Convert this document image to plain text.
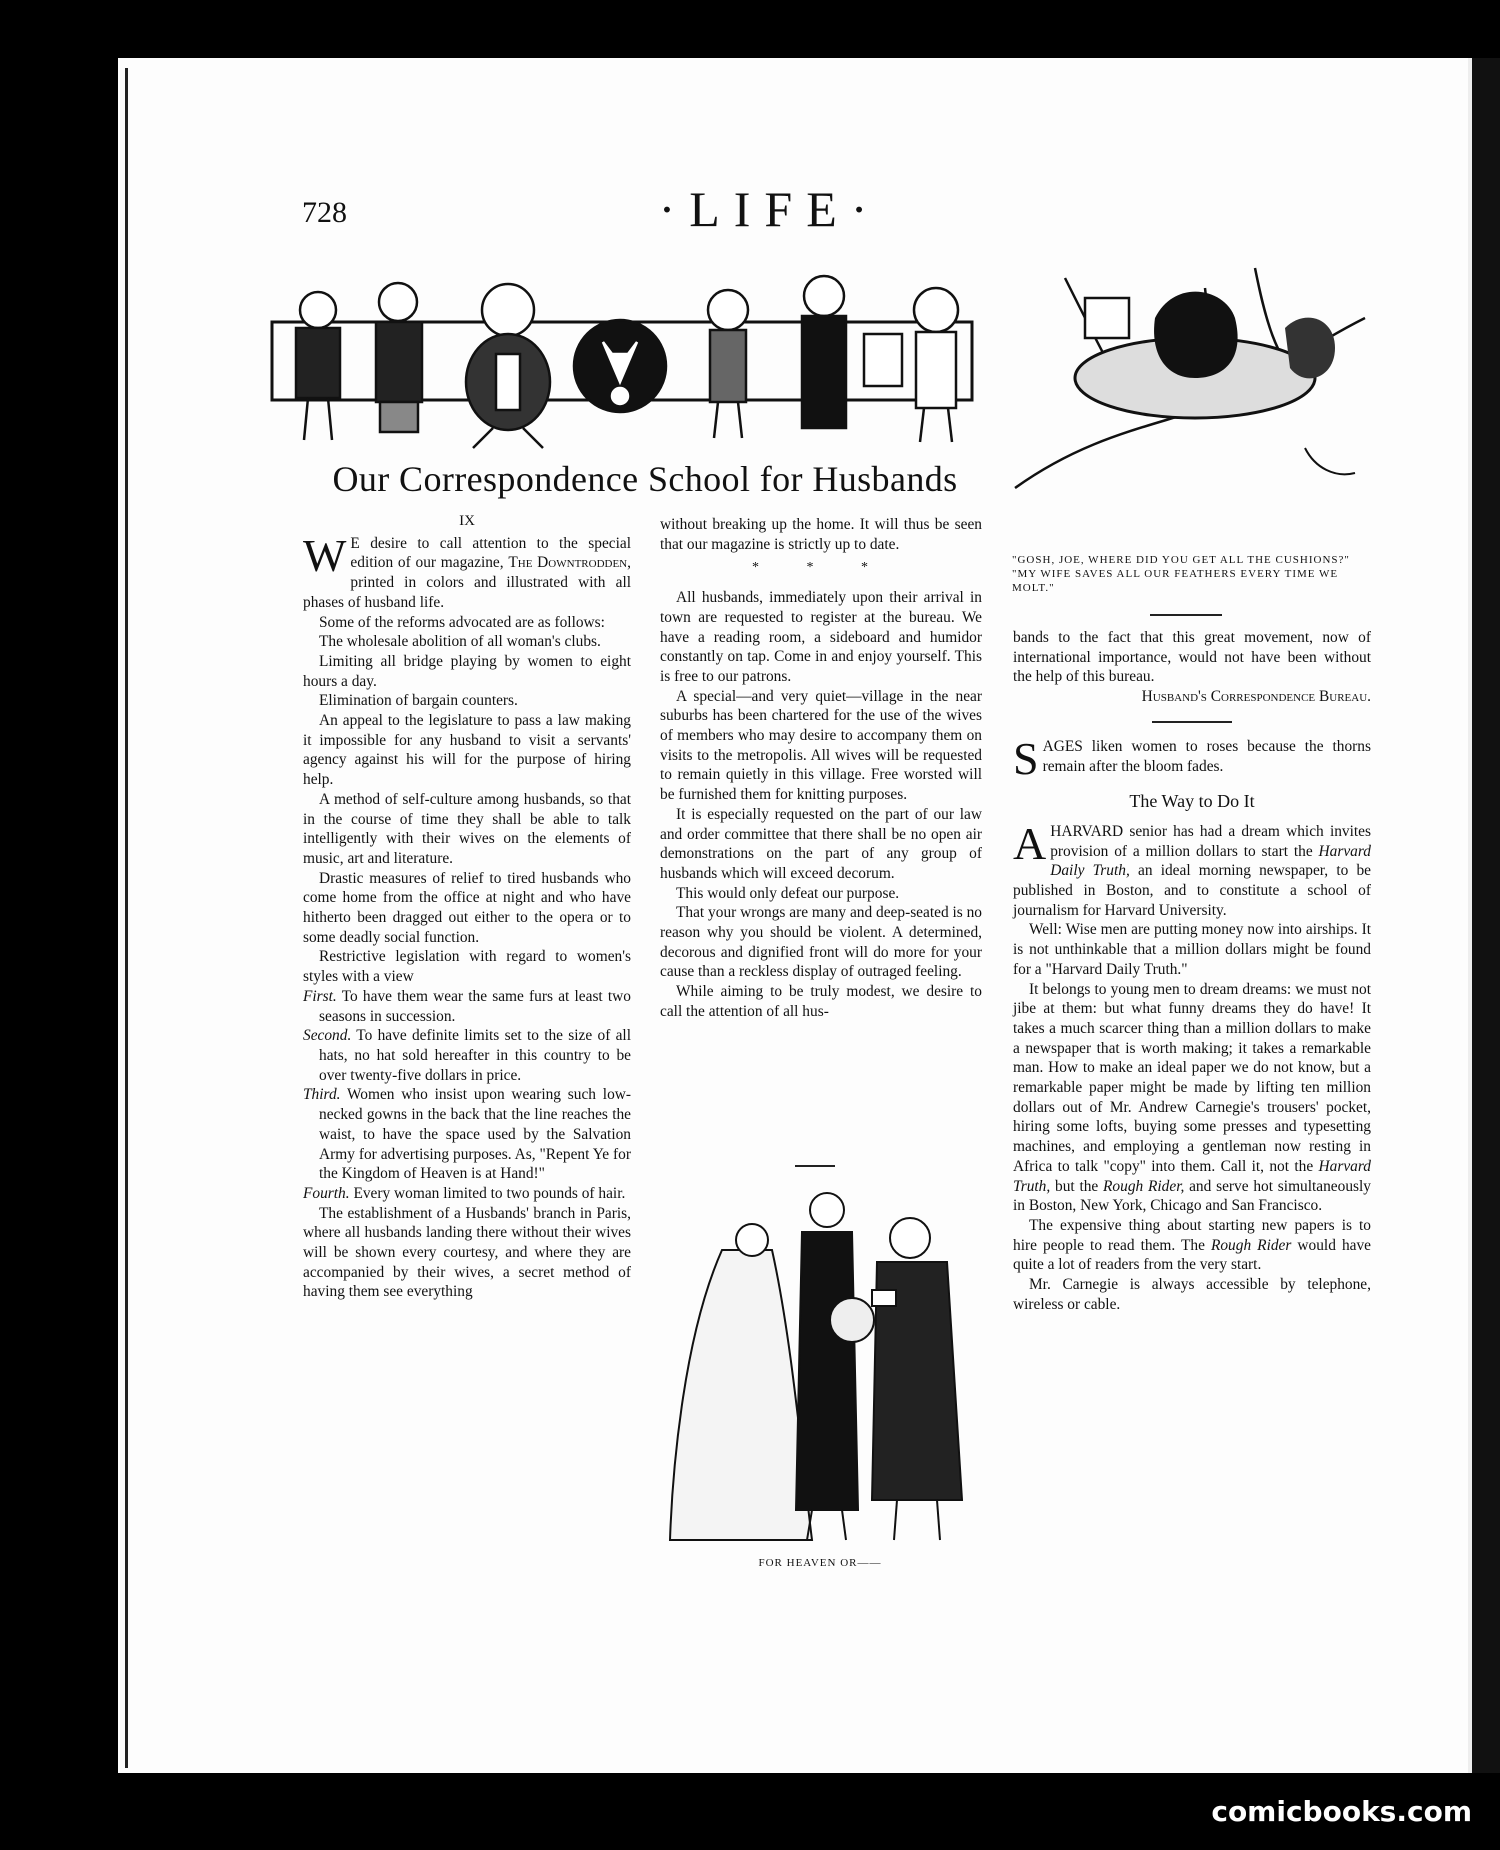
728	·LIFE·
Our Correspondence School for Husbands
IX

W E desire to call attention to the special edition of our magazine, The Downtrodden, printed in colors and illustrated with all phases of husband life.

Some of the reforms advocated are as follows:

The wholesale abolition of all woman's clubs.

Limiting all bridge playing by women to eight hours a day.

Elimination of bargain counters.

An appeal to the legislature to pass a law making it impossible for any husband to visit a servants' agency against his will for the purpose of hiring help.

A method of self-culture among husbands, so that in the course of time they shall be able to talk intelligently with their wives on the elements of music, art and literature.

Drastic measures of relief to tired husbands who come home from the office at night and who have hitherto been dragged out either to the opera or to some deadly social function.

Restrictive legislation with regard to women's styles with a view

First. To have them wear the same furs at least two seasons in succession.

Second. To have definite limits set to the size of all hats, no hat sold hereafter in this country to be over twenty-five dollars in price.

Third. Women who insist upon wearing such low-necked gowns in the back that the line reaches the waist, to have the space used by the Salvation Army for advertising purposes. As, "Repent Ye for the Kingdom of Heaven is at Hand!"

Fourth. Every woman limited to two pounds of hair.

The establishment of a Husbands' branch in Paris, where all husbands landing there without their wives will be shown every courtesy, and where they are accompanied by their wives, a secret method of having them see everything

without breaking up the home. It will thus be seen that our magazine is strictly up to date.

* * *

All husbands, immediately upon their arrival in town are requested to register at the bureau. We have a reading room, a sideboard and humidor constantly on tap. Come in and enjoy yourself. This is free to our patrons.

A special—and very quiet—village in the near suburbs has been chartered for the use of the wives of members who may desire to accompany them on visits to the metropolis. All wives will be requested to remain quietly in this village. Free worsted will be furnished them for knitting purposes.

It is especially requested on the part of our law and order committee that there shall be no open air demonstrations on the part of any group of husbands which will exceed decorum.

This would only defeat our purpose.

That your wrongs are many and deep-seated is no reason why you should be violent. A determined, decorous and dignified front will do more for your cause than a reckless display of outraged feeling.

While aiming to be truly modest, we desire to call the attention of all hus-

FOR HEAVEN OR——
"GOSH, JOE, WHERE DID YOU GET ALL THE CUSHIONS?"
"MY WIFE SAVES ALL OUR FEATHERS EVERY TIME WE MOLT."

bands to the fact that this great movement, now of international importance, would not have been without the help of this bureau.

Husband's Correspondence Bureau.

SAGES liken women to roses because the thorns remain after the bloom fades.

The Way to Do It

A HARVARD senior has had a dream which invites provision of a million dollars to start the Harvard Daily Truth, an ideal morning newspaper, to be published in Boston, and to constitute a school of journalism for Harvard University.

Well: Wise men are putting money now into airships. It is not unthinkable that a million dollars might be found for a "Harvard Daily Truth."

It belongs to young men to dream dreams: we must not jibe at them: but what funny dreams they do have! It takes a much scarcer thing than a million dollars to make a newspaper that is worth making; it takes a remarkable man. How to make an ideal paper we do not know, but a remarkable paper might be made by lifting ten million dollars out of Mr. Andrew Carnegie's trousers' pocket, hiring some lofts, buying some presses and typesetting machines, and employing a gentleman now resting in Africa to talk "copy" into them. Call it, not the Harvard Truth, but the Rough Rider, and serve hot simultaneously in Boston, New York, Chicago and San Francisco.

The expensive thing about starting new papers is to hire people to read them. The Rough Rider would have quite a lot of readers from the very start.

Mr. Carnegie is always accessible by telephone, wireless or cable.

comicbooks.com
